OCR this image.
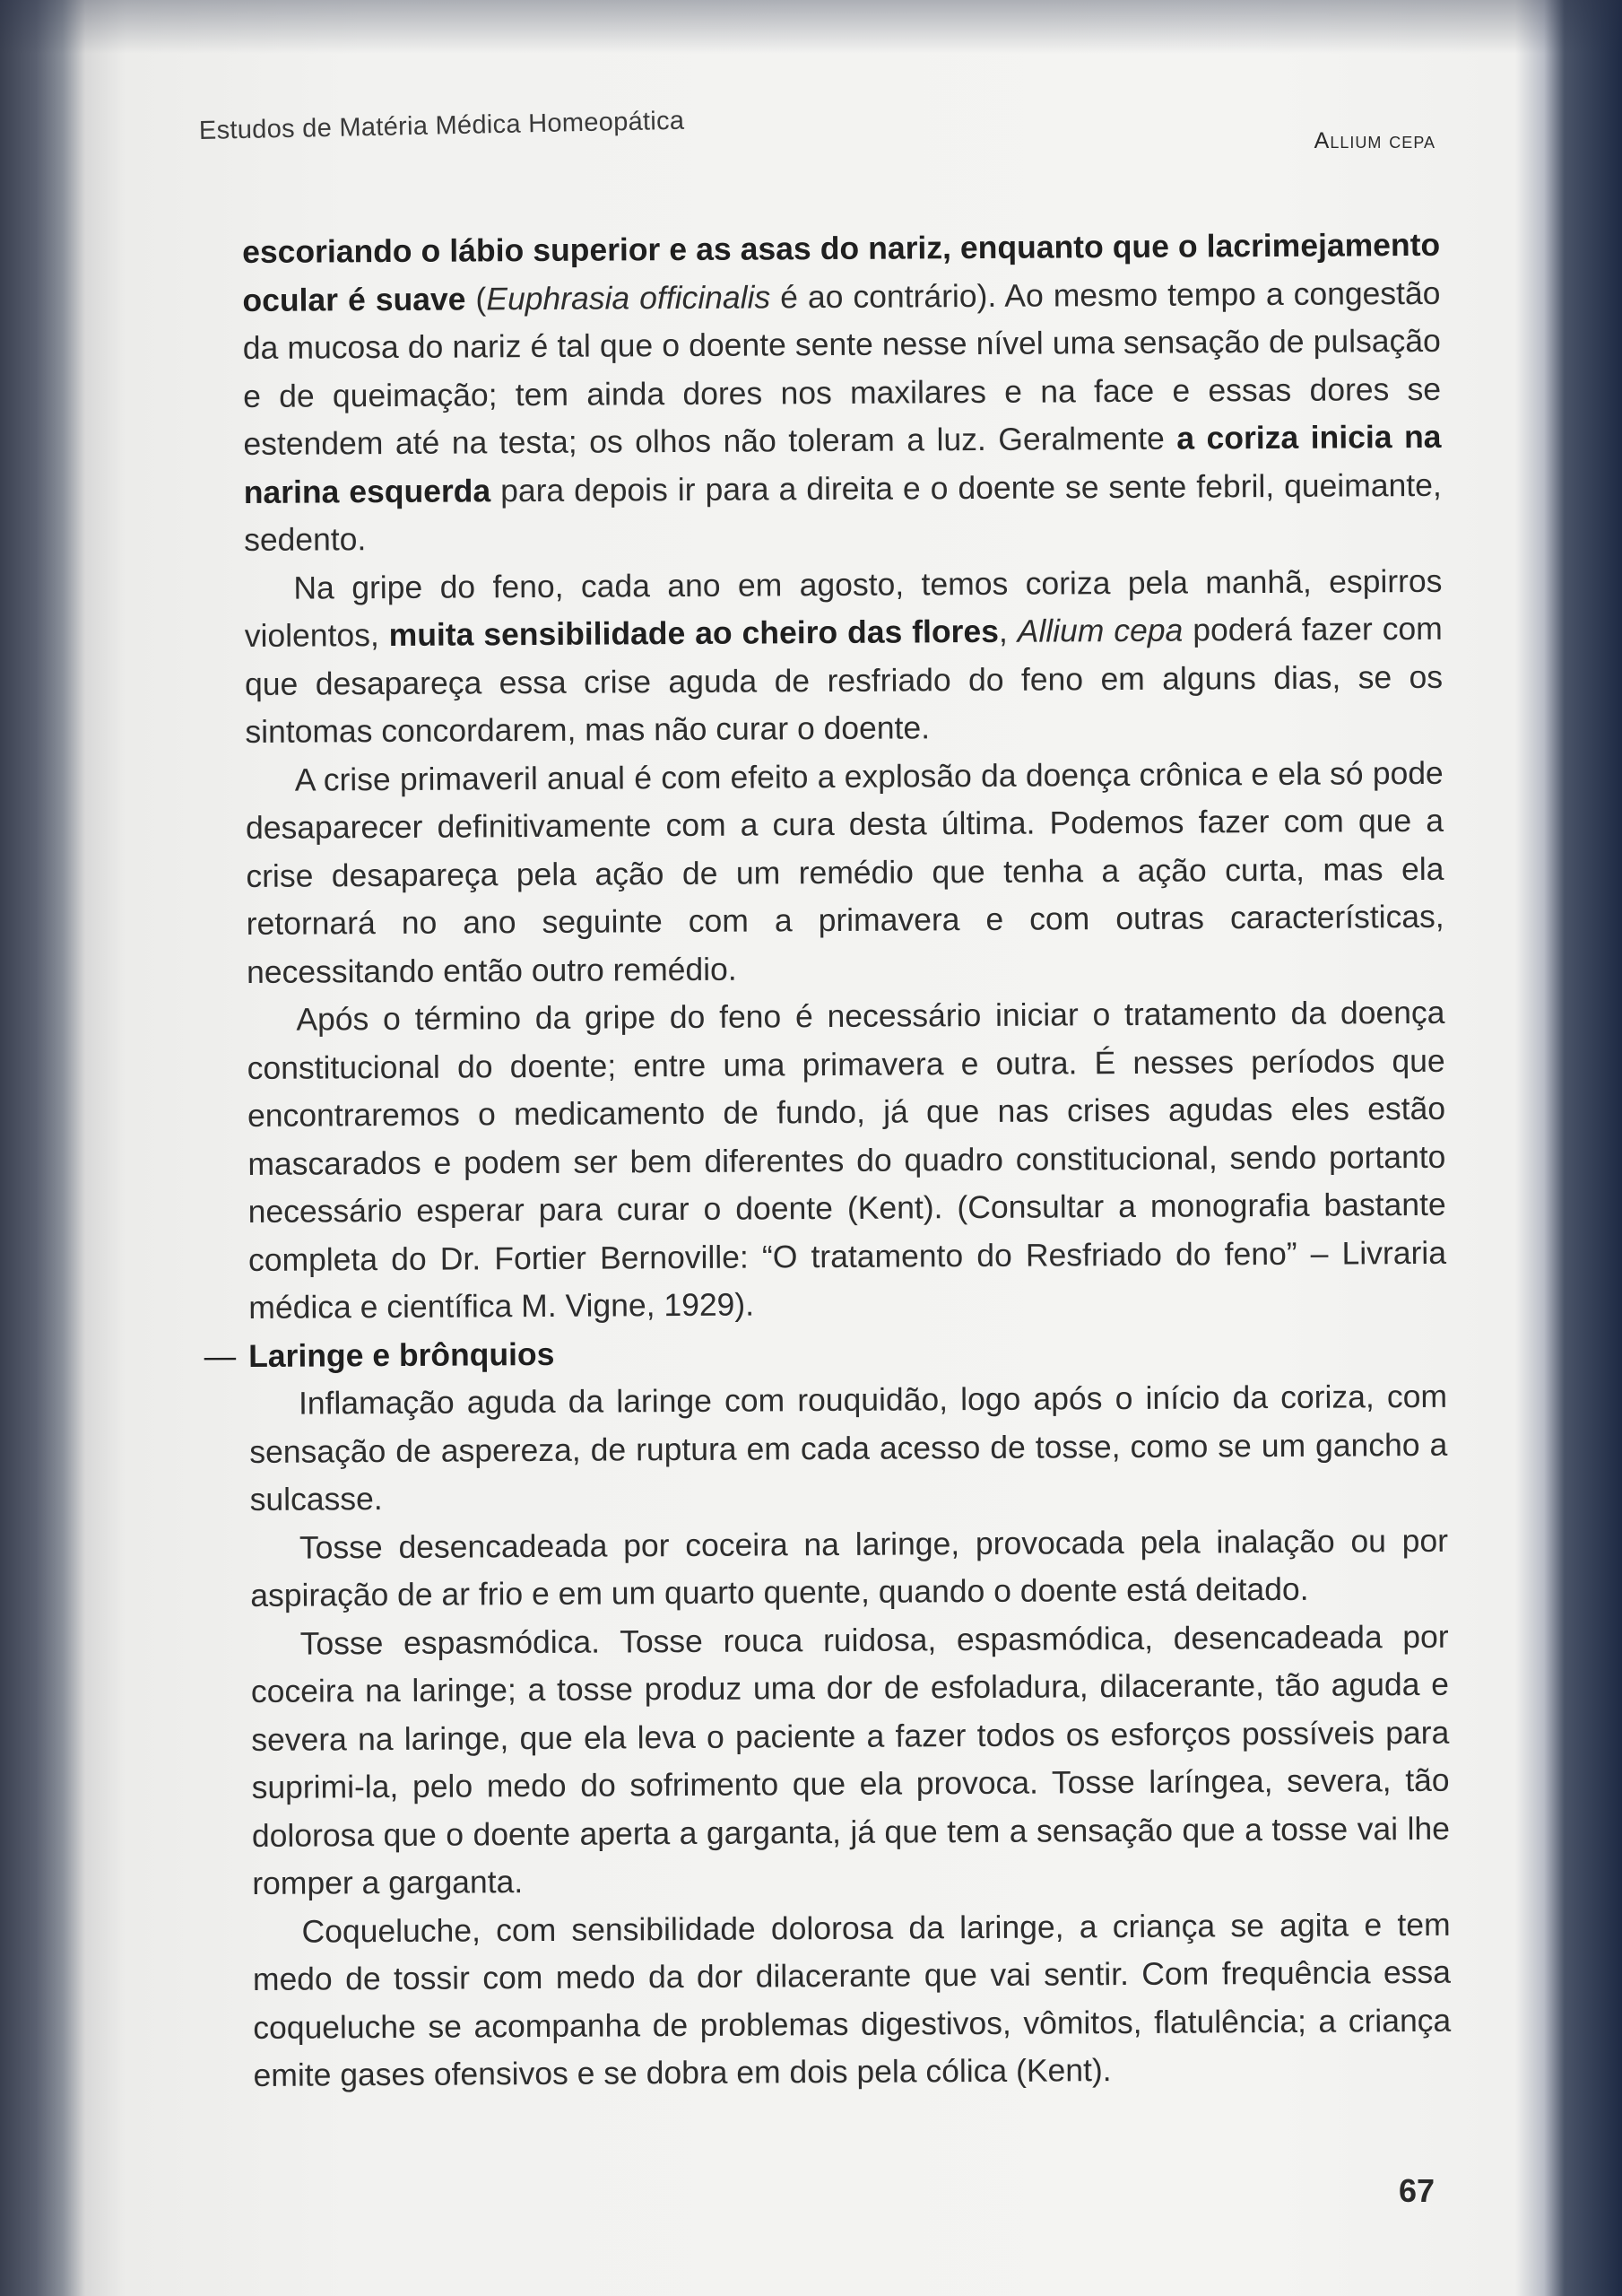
Estudos de Matéria Médica Homeopática	Allium cepa

escoriando o lábio superior e as asas do nariz, enquanto que o lacrimejamento ocular é suave (Euphrasia officinalis é ao contrário). Ao mesmo tempo a congestão da mucosa do nariz é tal que o doente sente nesse nível uma sensação de pulsação e de queimação; tem ainda dores nos maxilares e na face e essas dores se estendem até na testa; os olhos não toleram a luz. Geralmente a coriza inicia na narina esquerda para depois ir para a direita e o doente se sente febril, queimante, sedento.

Na gripe do feno, cada ano em agosto, temos coriza pela manhã, espirros violentos, muita sensibilidade ao cheiro das flores, Allium cepa poderá fazer com que desapareça essa crise aguda de resfriado do feno em alguns dias, se os sintomas concordarem, mas não curar o doente.

A crise primaveril anual é com efeito a explosão da doença crônica e ela só pode desaparecer definitivamente com a cura desta última. Podemos fazer com que a crise desapareça pela ação de um remédio que tenha a ação curta, mas ela retornará no ano seguinte com a primavera e com outras características, necessitando então outro remédio.

Após o término da gripe do feno é necessário iniciar o tratamento da doença constitucional do doente; entre uma primavera e outra. É nesses períodos que encontraremos o medicamento de fundo, já que nas crises agudas eles estão mascarados e podem ser bem diferentes do quadro constitucional, sendo portanto necessário esperar para curar o doente (Kent). (Consultar a monografia bastante completa do Dr. Fortier Bernoville: “O tratamento do Resfriado do feno” – Livraria médica e científica M. Vigne, 1929).

— Laringe e brônquios

Inflamação aguda da laringe com rouquidão, logo após o início da coriza, com sensação de aspereza, de ruptura em cada acesso de tosse, como se um gancho a sulcasse.

Tosse desencadeada por coceira na laringe, provocada pela inalação ou por aspiração de ar frio e em um quarto quente, quando o doente está deitado.

Tosse espasmódica. Tosse rouca ruidosa, espasmódica, desencadeada por coceira na laringe; a tosse produz uma dor de esfoladura, dilacerante, tão aguda e severa na laringe, que ela leva o paciente a fazer todos os esforços possíveis para suprimi-la, pelo medo do sofrimento que ela provoca. Tosse laríngea, severa, tão dolorosa que o doente aperta a garganta, já que tem a sensação que a tosse vai lhe romper a garganta.

Coqueluche, com sensibilidade dolorosa da laringe, a criança se agita e tem medo de tossir com medo da dor dilacerante que vai sentir. Com frequência essa coqueluche se acompanha de problemas digestivos, vômitos, flatulência; a criança emite gases ofensivos e se dobra em dois pela cólica (Kent).

67
